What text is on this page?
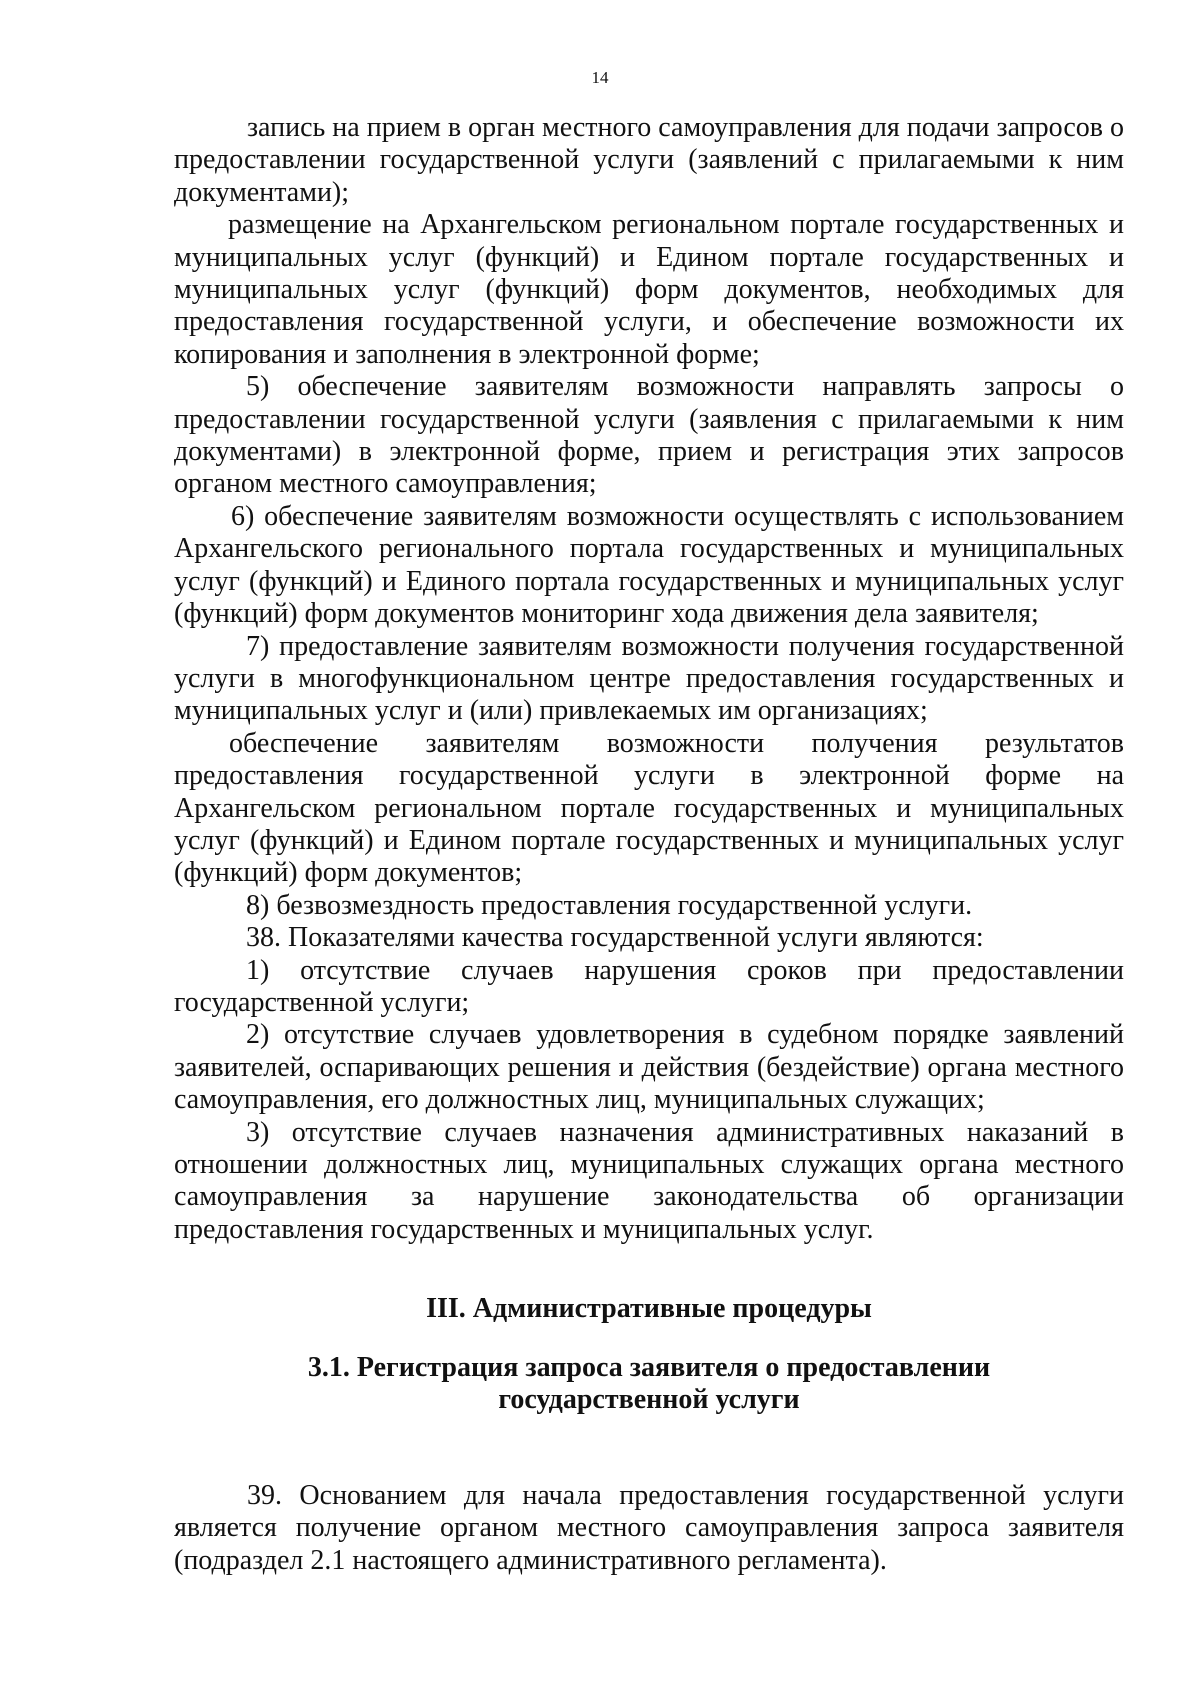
14

запись на прием в орган местного самоуправления для подачи запросов о предоставлении государственной услуги (заявлений с прилагаемыми к ним документами);

размещение на Архангельском региональном портале государственных и муниципальных услуг (функций) и Едином портале государственных и муниципальных услуг (функций) форм документов, необходимых для предоставления государственной услуги, и обеспечение возможности их копирования и заполнения в электронной форме;

5) обеспечение заявителям возможности направлять запросы о предоставлении государственной услуги (заявления с прилагаемыми к ним документами) в электронной форме, прием и регистрация этих запросов органом местного самоуправления;

6) обеспечение заявителям возможности осуществлять с использованием Архангельского регионального портала государственных и муниципальных услуг (функций) и Единого портала государственных и муниципальных услуг (функций) форм документов мониторинг хода движения дела заявителя;

7) предоставление заявителям возможности получения государственной услуги в многофункциональном центре предоставления государственных и муниципальных услуг и (или) привлекаемых им организациях;

обеспечение заявителям возможности получения результатов предоставления государственной услуги в электронной форме на Архангельском региональном портале государственных и муниципальных услуг (функций) и Едином портале государственных и муниципальных услуг (функций) форм документов;

8) безвозмездность предоставления государственной услуги.

38. Показателями качества государственной услуги являются:

1) отсутствие случаев нарушения сроков при предоставлении государственной услуги;

2) отсутствие случаев удовлетворения в судебном порядке заявлений заявителей, оспаривающих решения и действия (бездействие) органа местного самоуправления, его должностных лиц, муниципальных служащих;

3) отсутствие случаев назначения административных наказаний в отношении должностных лиц, муниципальных служащих органа местного самоуправления за нарушение законодательства об организации предоставления государственных и муниципальных услуг.

III. Административные процедуры
3.1. Регистрация запроса заявителя о предоставлении
государственной услуги

39. Основанием для начала предоставления государственной услуги является получение органом местного самоуправления запроса заявителя (подраздел 2.1 настоящего административного регламента).
